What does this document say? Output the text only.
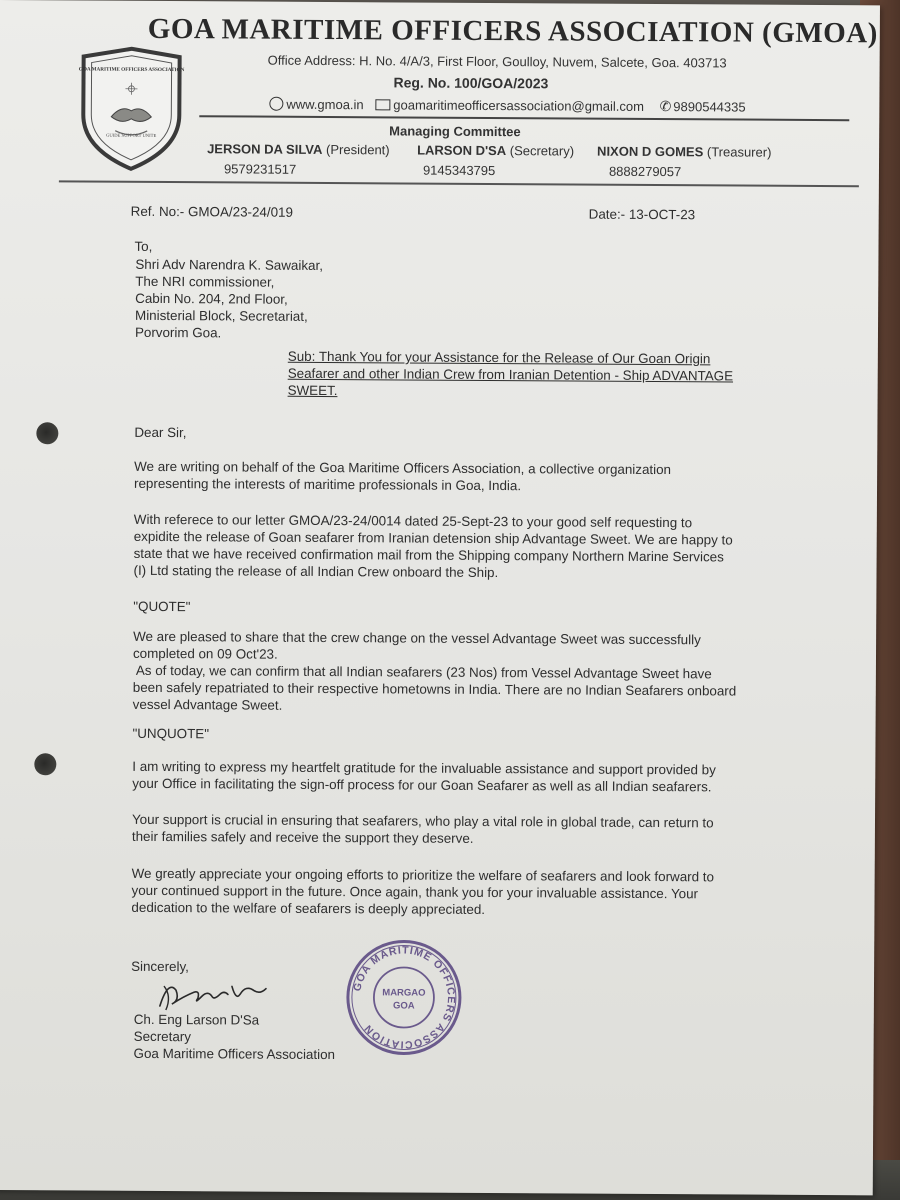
GOA MARITIME OFFICERS ASSOCIATION
GUIDE SUPPORT UNITE
GOA MARITIME OFFICERS ASSOCIATION (GMOA)
Office Address: H. No. 4/A/3, First Floor, Goulloy, Nuvem, Salcete, Goa. 403713
Reg. No. 100/GOA/2023
www.gmoa.in goamaritimeofficersassociation@gmail.com ✆ 9890544335
Managing Committee
JERSON DA SILVA (President) LARSON D'SA (Secretary) NIXON D GOMES (Treasurer)
9579231517	9145343795	8888279057
Ref. No:- GMOA/23-24/019	Date:- 13-OCT-23
To,
Shri Adv Narendra K. Sawaikar,
The NRI commissioner,
Cabin No. 204, 2nd Floor,
Ministerial Block, Secretariat,
Porvorim Goa.
Sub: Thank You for your Assistance for the Release of Our Goan Origin
Seafarer and other Indian Crew from Iranian Detention - Ship ADVANTAGE
SWEET.
Dear Sir,
We are writing on behalf of the Goa Maritime Officers Association, a collective organization
representing the interests of maritime professionals in Goa, India.
With referece to our letter GMOA/23-24/0014 dated 25-Sept-23 to your good self requesting to
expidite the release of Goan seafarer from Iranian detension ship Advantage Sweet. We are happy to
state that we have received confirmation mail from the Shipping company Northern Marine Services
(I) Ltd stating the release of all Indian Crew onboard the Ship.
"QUOTE"
We are pleased to share that the crew change on the vessel Advantage Sweet was successfully
completed on 09 Oct'23.
As of today, we can confirm that all Indian seafarers (23 Nos) from Vessel Advantage Sweet have
been safely repatriated to their respective hometowns in India. There are no Indian Seafarers onboard
vessel Advantage Sweet.
"UNQUOTE"
I am writing to express my heartfelt gratitude for the invaluable assistance and support provided by
your Office in facilitating the sign-off process for our Goan Seafarer as well as all Indian seafarers.
Your support is crucial in ensuring that seafarers, who play a vital role in global trade, can return to
their families safely and receive the support they deserve.
We greatly appreciate your ongoing efforts to prioritize the welfare of seafarers and look forward to
your continued support in the future. Once again, thank you for your invaluable assistance. Your
dedication to the welfare of seafarers is deeply appreciated.
Sincerely,
Ch. Eng Larson D'Sa
Secretary
Goa Maritime Officers Association
GOA MARITIME OFFICERS ASSOCIATION
MARGAO
GOA
